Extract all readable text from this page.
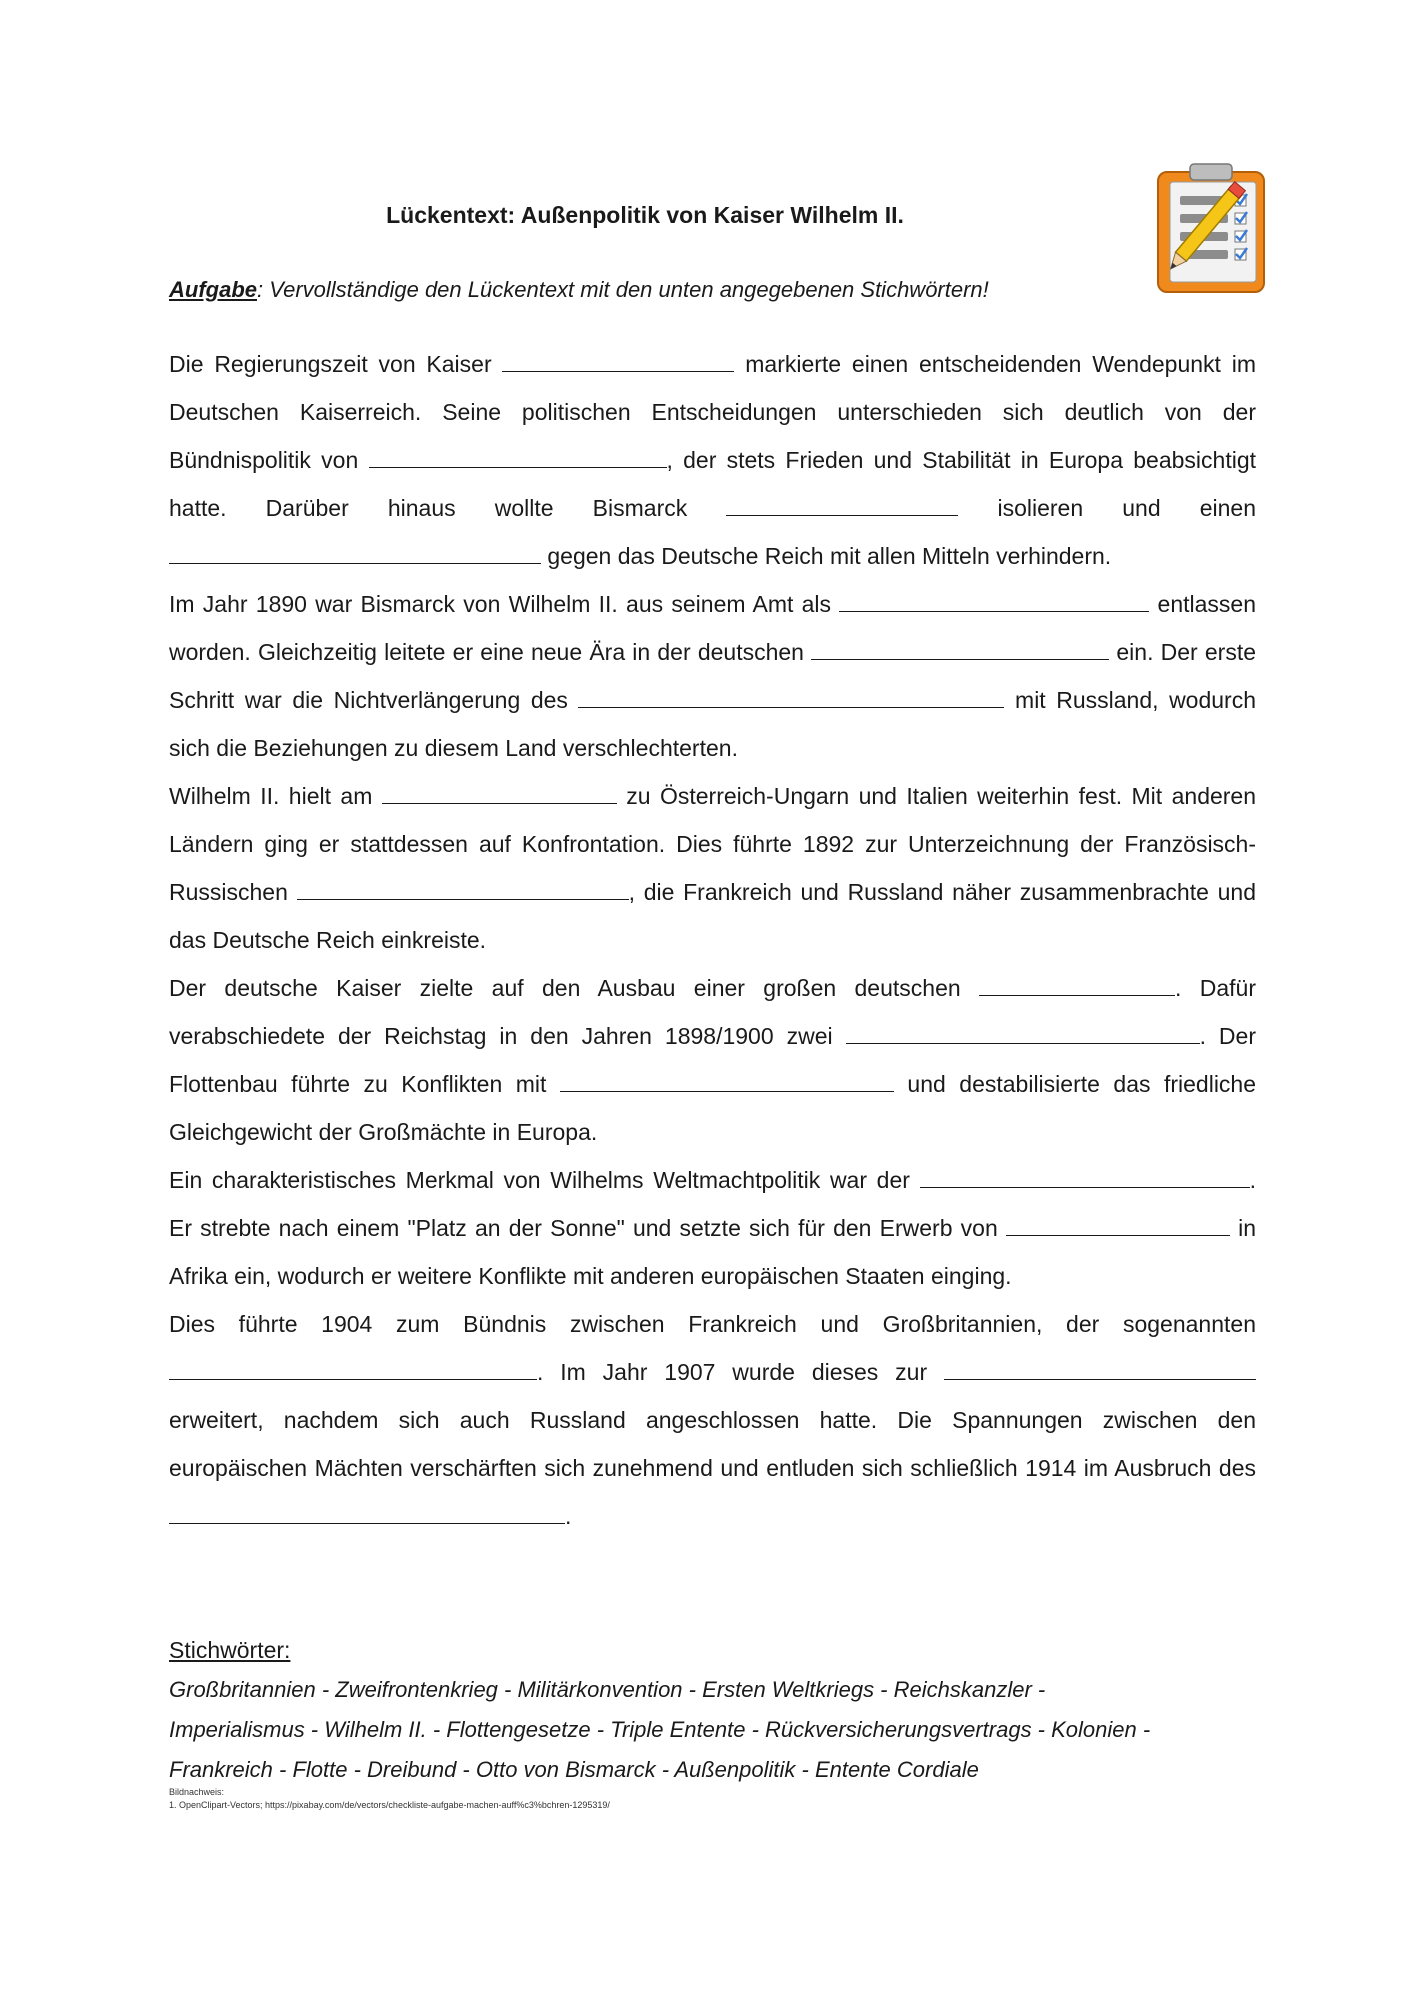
Lückentext: Außenpolitik von Kaiser Wilhelm II.
Aufgabe: Vervollständige den Lückentext mit den unten angegebenen Stichwörtern!

Die Regierungszeit von Kaiser	markierte einen entscheidenden Wendepunkt im Deutschen Kaiserreich. Seine politischen Entscheidungen unterschieden sich deutlich von der Bündnispolitik von	, der stets Frieden und Stabilität in Europa beabsichtigt hatte. Darüber hinaus wollte Bismarck	isolieren und einen  gegen das Deutsche Reich mit allen Mitteln verhindern.

Im Jahr 1890 war Bismarck von Wilhelm II. aus seinem Amt als	entlassen worden. Gleichzeitig leitete er eine neue Ära in der deutschen	ein. Der erste Schritt war die Nichtverlängerung des	mit Russland, wodurch sich die Beziehungen zu diesem Land verschlechterten.

Wilhelm II. hielt am	zu Österreich-Ungarn und Italien weiterhin fest. Mit anderen Ländern ging er stattdessen auf Konfrontation. Dies führte 1892 zur Unterzeichnung der Französisch-Russischen	, die Frankreich und Russland näher zusammenbrachte und das Deutsche Reich einkreiste.

Der deutsche Kaiser zielte auf den Ausbau einer großen deutschen	. Dafür verabschiedete der Reichstag in den Jahren 1898/1900 zwei	. Der Flottenbau führte zu Konflikten mit	und destabilisierte das friedliche Gleichgewicht der Großmächte in Europa.

Ein charakteristisches Merkmal von Wilhelms Weltmachtpolitik war der	. Er strebte nach einem "Platz an der Sonne" und setzte sich für den Erwerb von	in Afrika ein, wodurch er weitere Konflikte mit anderen europäischen Staaten einging.

Dies führte 1904 zum Bündnis zwischen Frankreich und Großbritannien, der sogenannten . Im Jahr 1907 wurde dieses zur  erweitert, nachdem sich auch Russland angeschlossen hatte. Die Spannungen zwischen den europäischen Mächten verschärften sich zunehmend und entluden sich schließlich 1914 im Ausbruch des .

Stichwörter:
Großbritannien - Zweifrontenkrieg - Militärkonvention - Ersten Weltkriegs - Reichskanzler -
Imperialismus - Wilhelm II. - Flottengesetze - Triple Entente - Rückversicherungsvertrags - Kolonien -
Frankreich - Flotte - Dreibund - Otto von Bismarck - Außenpolitik - Entente Cordiale
Bildnachweis:
1. OpenClipart-Vectors; https://pixabay.com/de/vectors/checkliste-aufgabe-machen-auff%c3%bchren-1295319/
